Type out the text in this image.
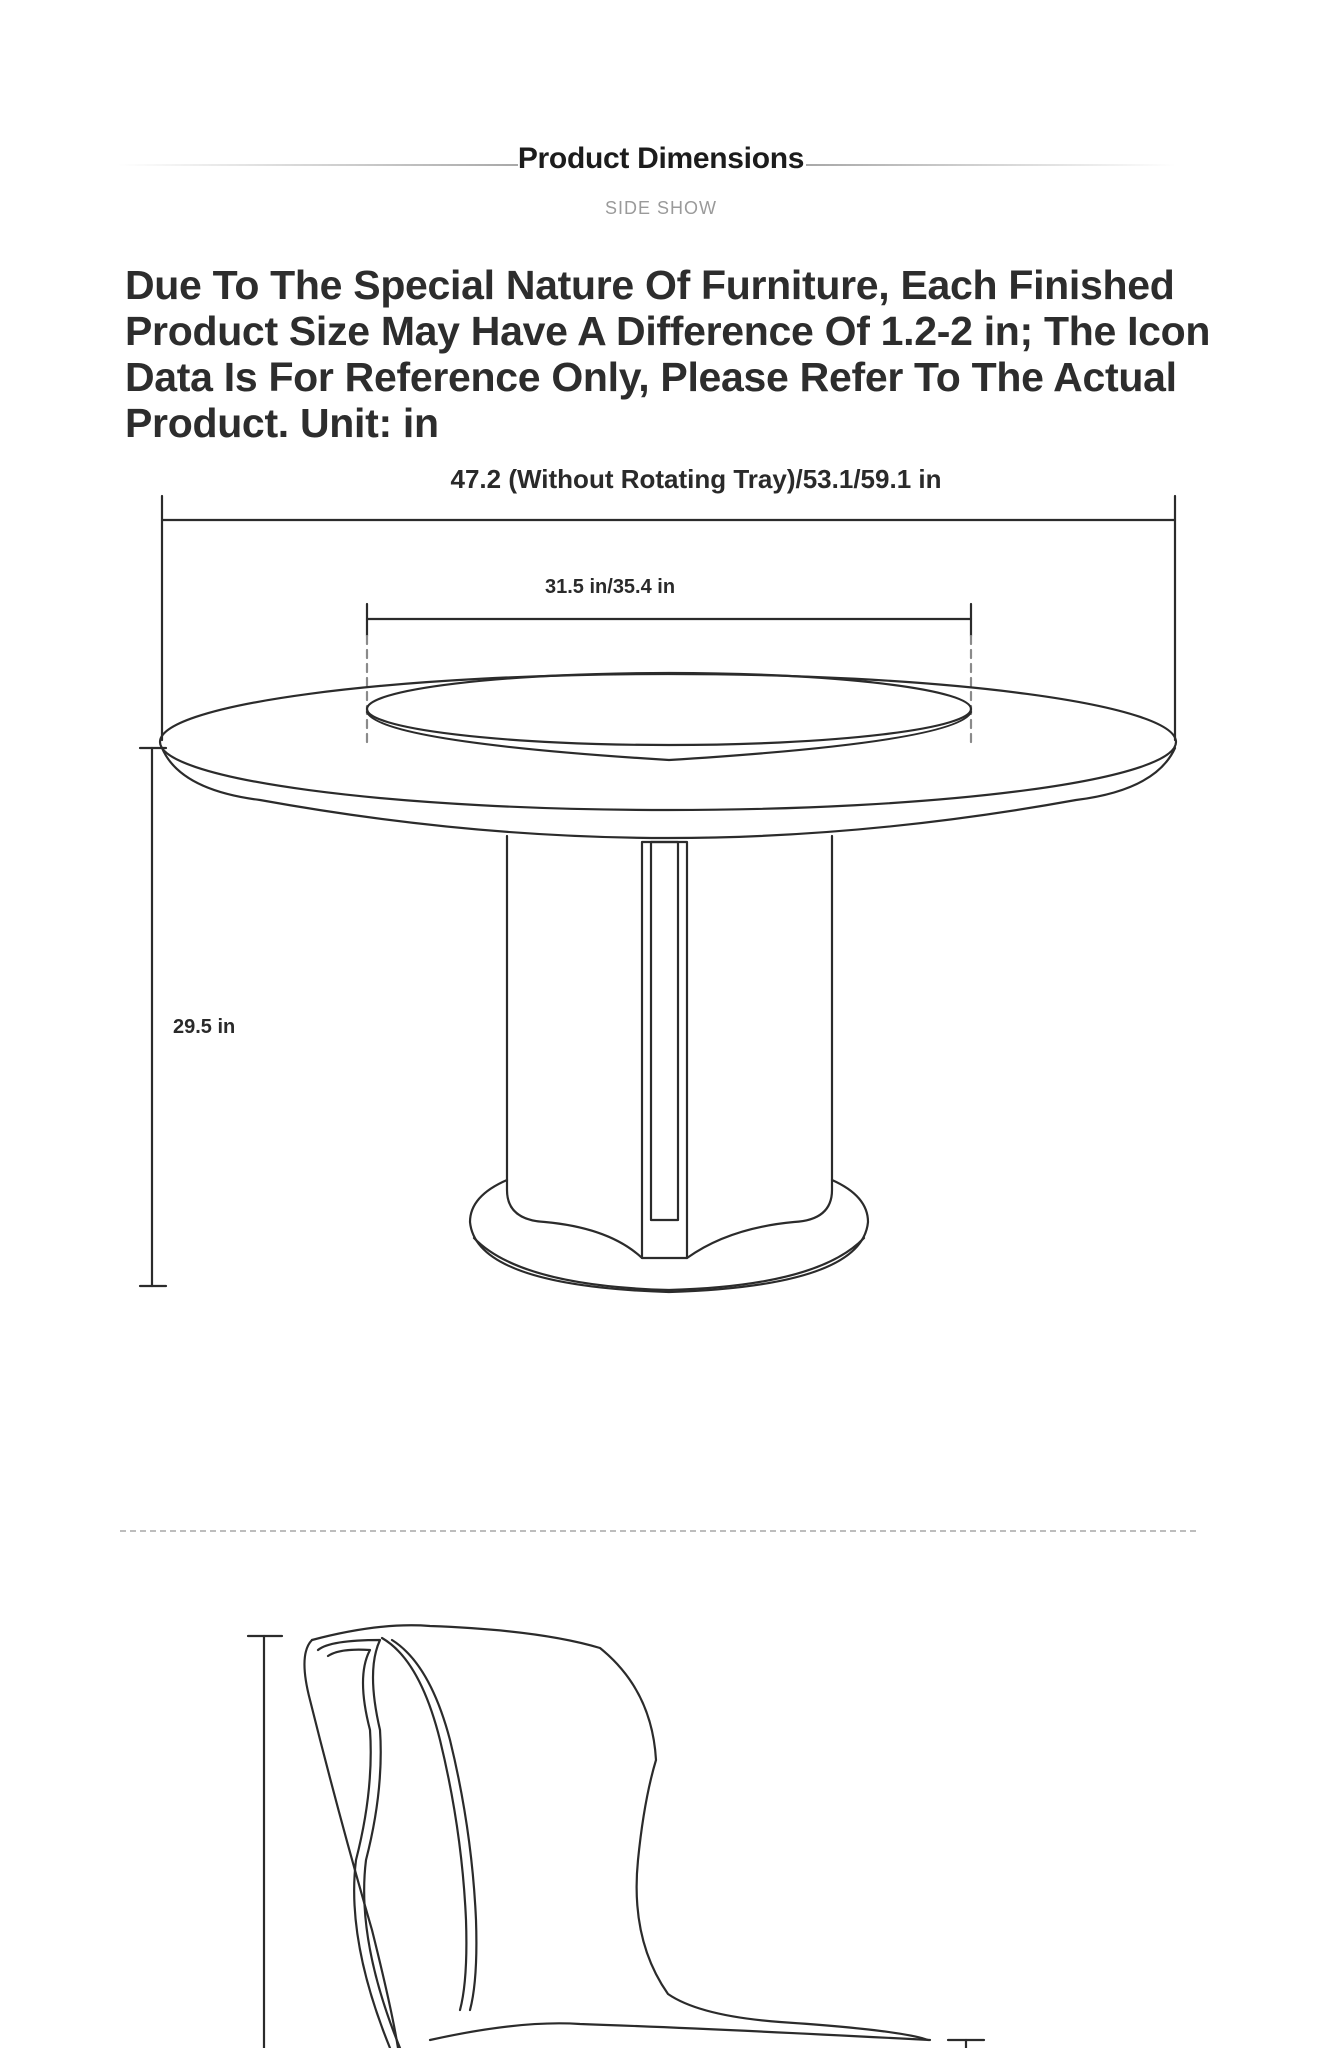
Product Dimensions
SIDE SHOW

Due To The Special Nature Of Furniture, Each Finished Product Size May Have A Difference Of 1.2-2 in; The Icon Data Is For Reference Only, Please Refer To The Actual Product. Unit: in

47.2 (Without Rotating Tray)/53.1/59.1 in
31.5 in/35.4 in
29.5 in
